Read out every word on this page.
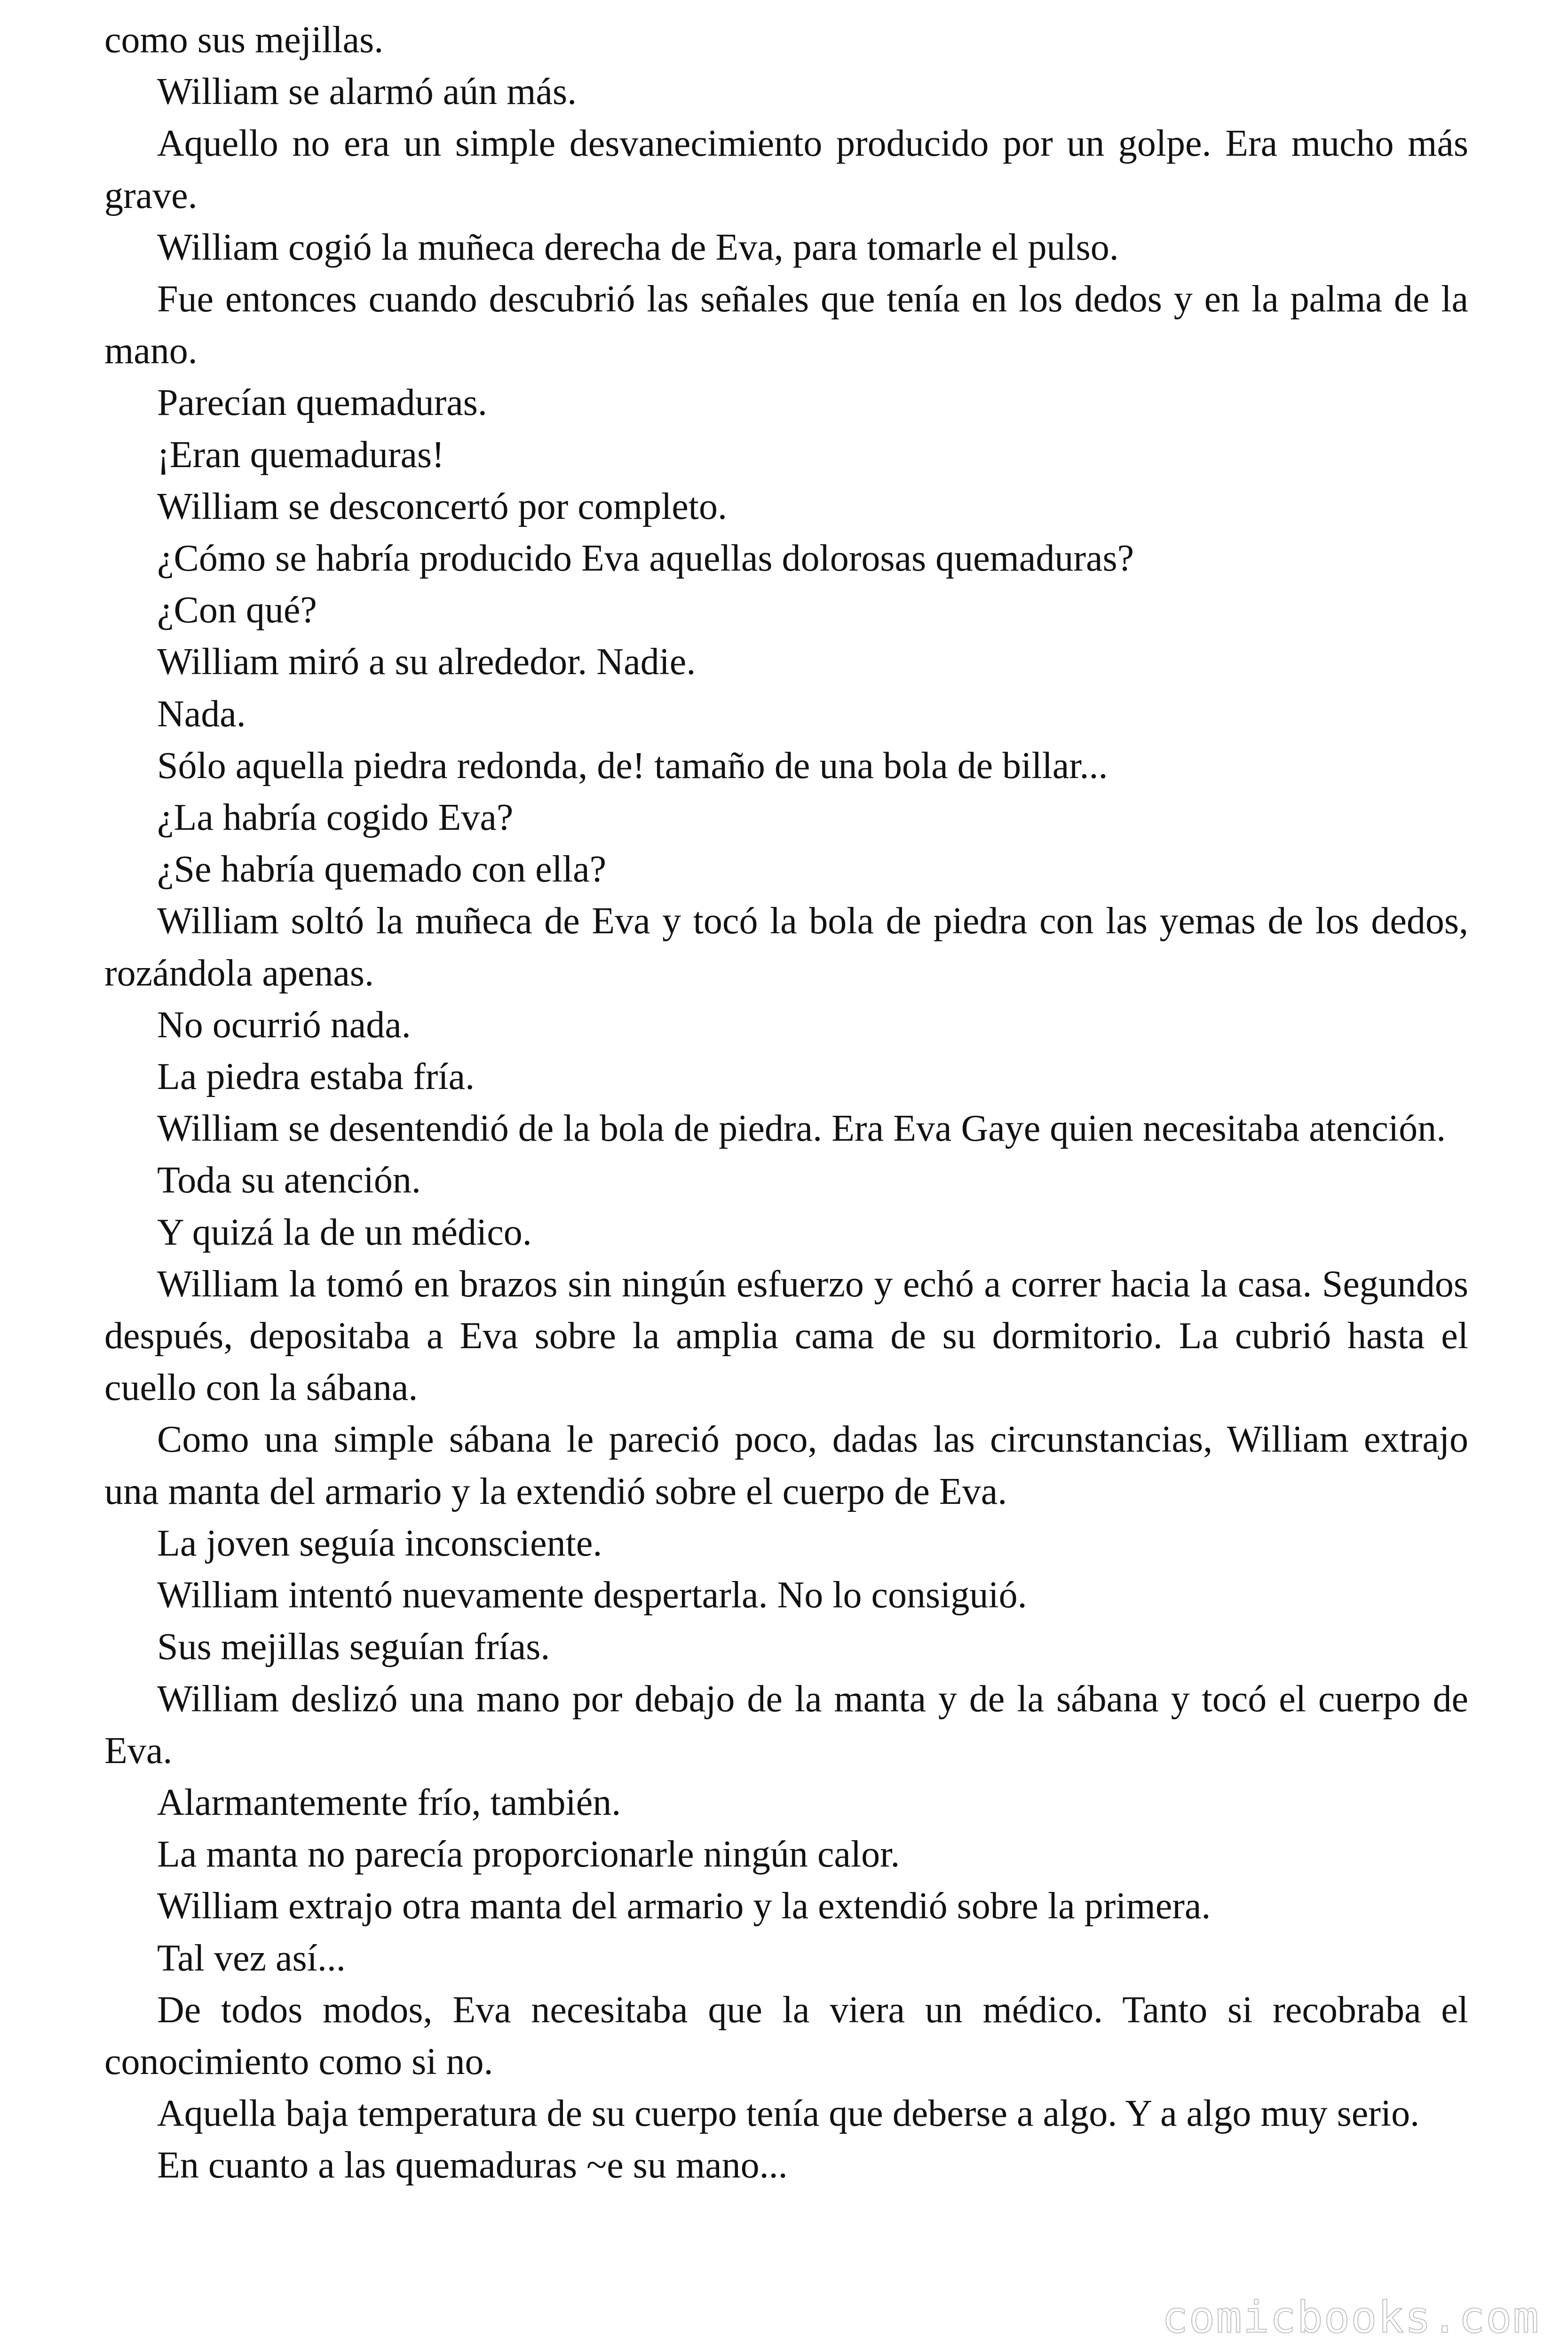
como sus mejillas.

William se alarmó aún más.

Aquello no era un simple desvanecimiento producido por un golpe. Era mucho más grave.

William cogió la muñeca derecha de Eva, para tomarle el pulso.

Fue entonces cuando descubrió las señales que tenía en los dedos y en la palma de la mano.

Parecían quemaduras.

¡Eran quemaduras!

William se desconcertó por completo.

¿Cómo se habría producido Eva aquellas dolorosas quemaduras?

¿Con qué?

William miró a su alrededor. Nadie.

Nada.

Sólo aquella piedra redonda, de! tamaño de una bola de billar...

¿La habría cogido Eva?

¿Se habría quemado con ella?

William soltó la muñeca de Eva y tocó la bola de piedra con las yemas de los dedos, rozándola apenas.

No ocurrió nada.

La piedra estaba fría.

William se desentendió de la bola de piedra. Era Eva Gaye quien necesitaba atención.

Toda su atención.

Y quizá la de un médico.

William la tomó en brazos sin ningún esfuerzo y echó a correr hacia la casa. Segundos después, depositaba a Eva sobre la amplia cama de su dormitorio. La cubrió hasta el cuello con la sábana.

Como una simple sábana le pareció poco, dadas las circunstancias, William extrajo una manta del armario y la extendió sobre el cuerpo de Eva.

La joven seguía inconsciente.

William intentó nuevamente despertarla. No lo consiguió.

Sus mejillas seguían frías.

William deslizó una mano por debajo de la manta y de la sábana y tocó el cuerpo de Eva.

Alarmantemente frío, también.

La manta no parecía proporcionarle ningún calor.

William extrajo otra manta del armario y la extendió sobre la primera.

Tal vez así...

De todos modos, Eva necesitaba que la viera un médico. Tanto si recobraba el conocimiento como si no.

Aquella baja temperatura de su cuerpo tenía que deberse a algo. Y a algo muy serio.

En cuanto a las quemaduras ~e su mano...

comicbooks.com
